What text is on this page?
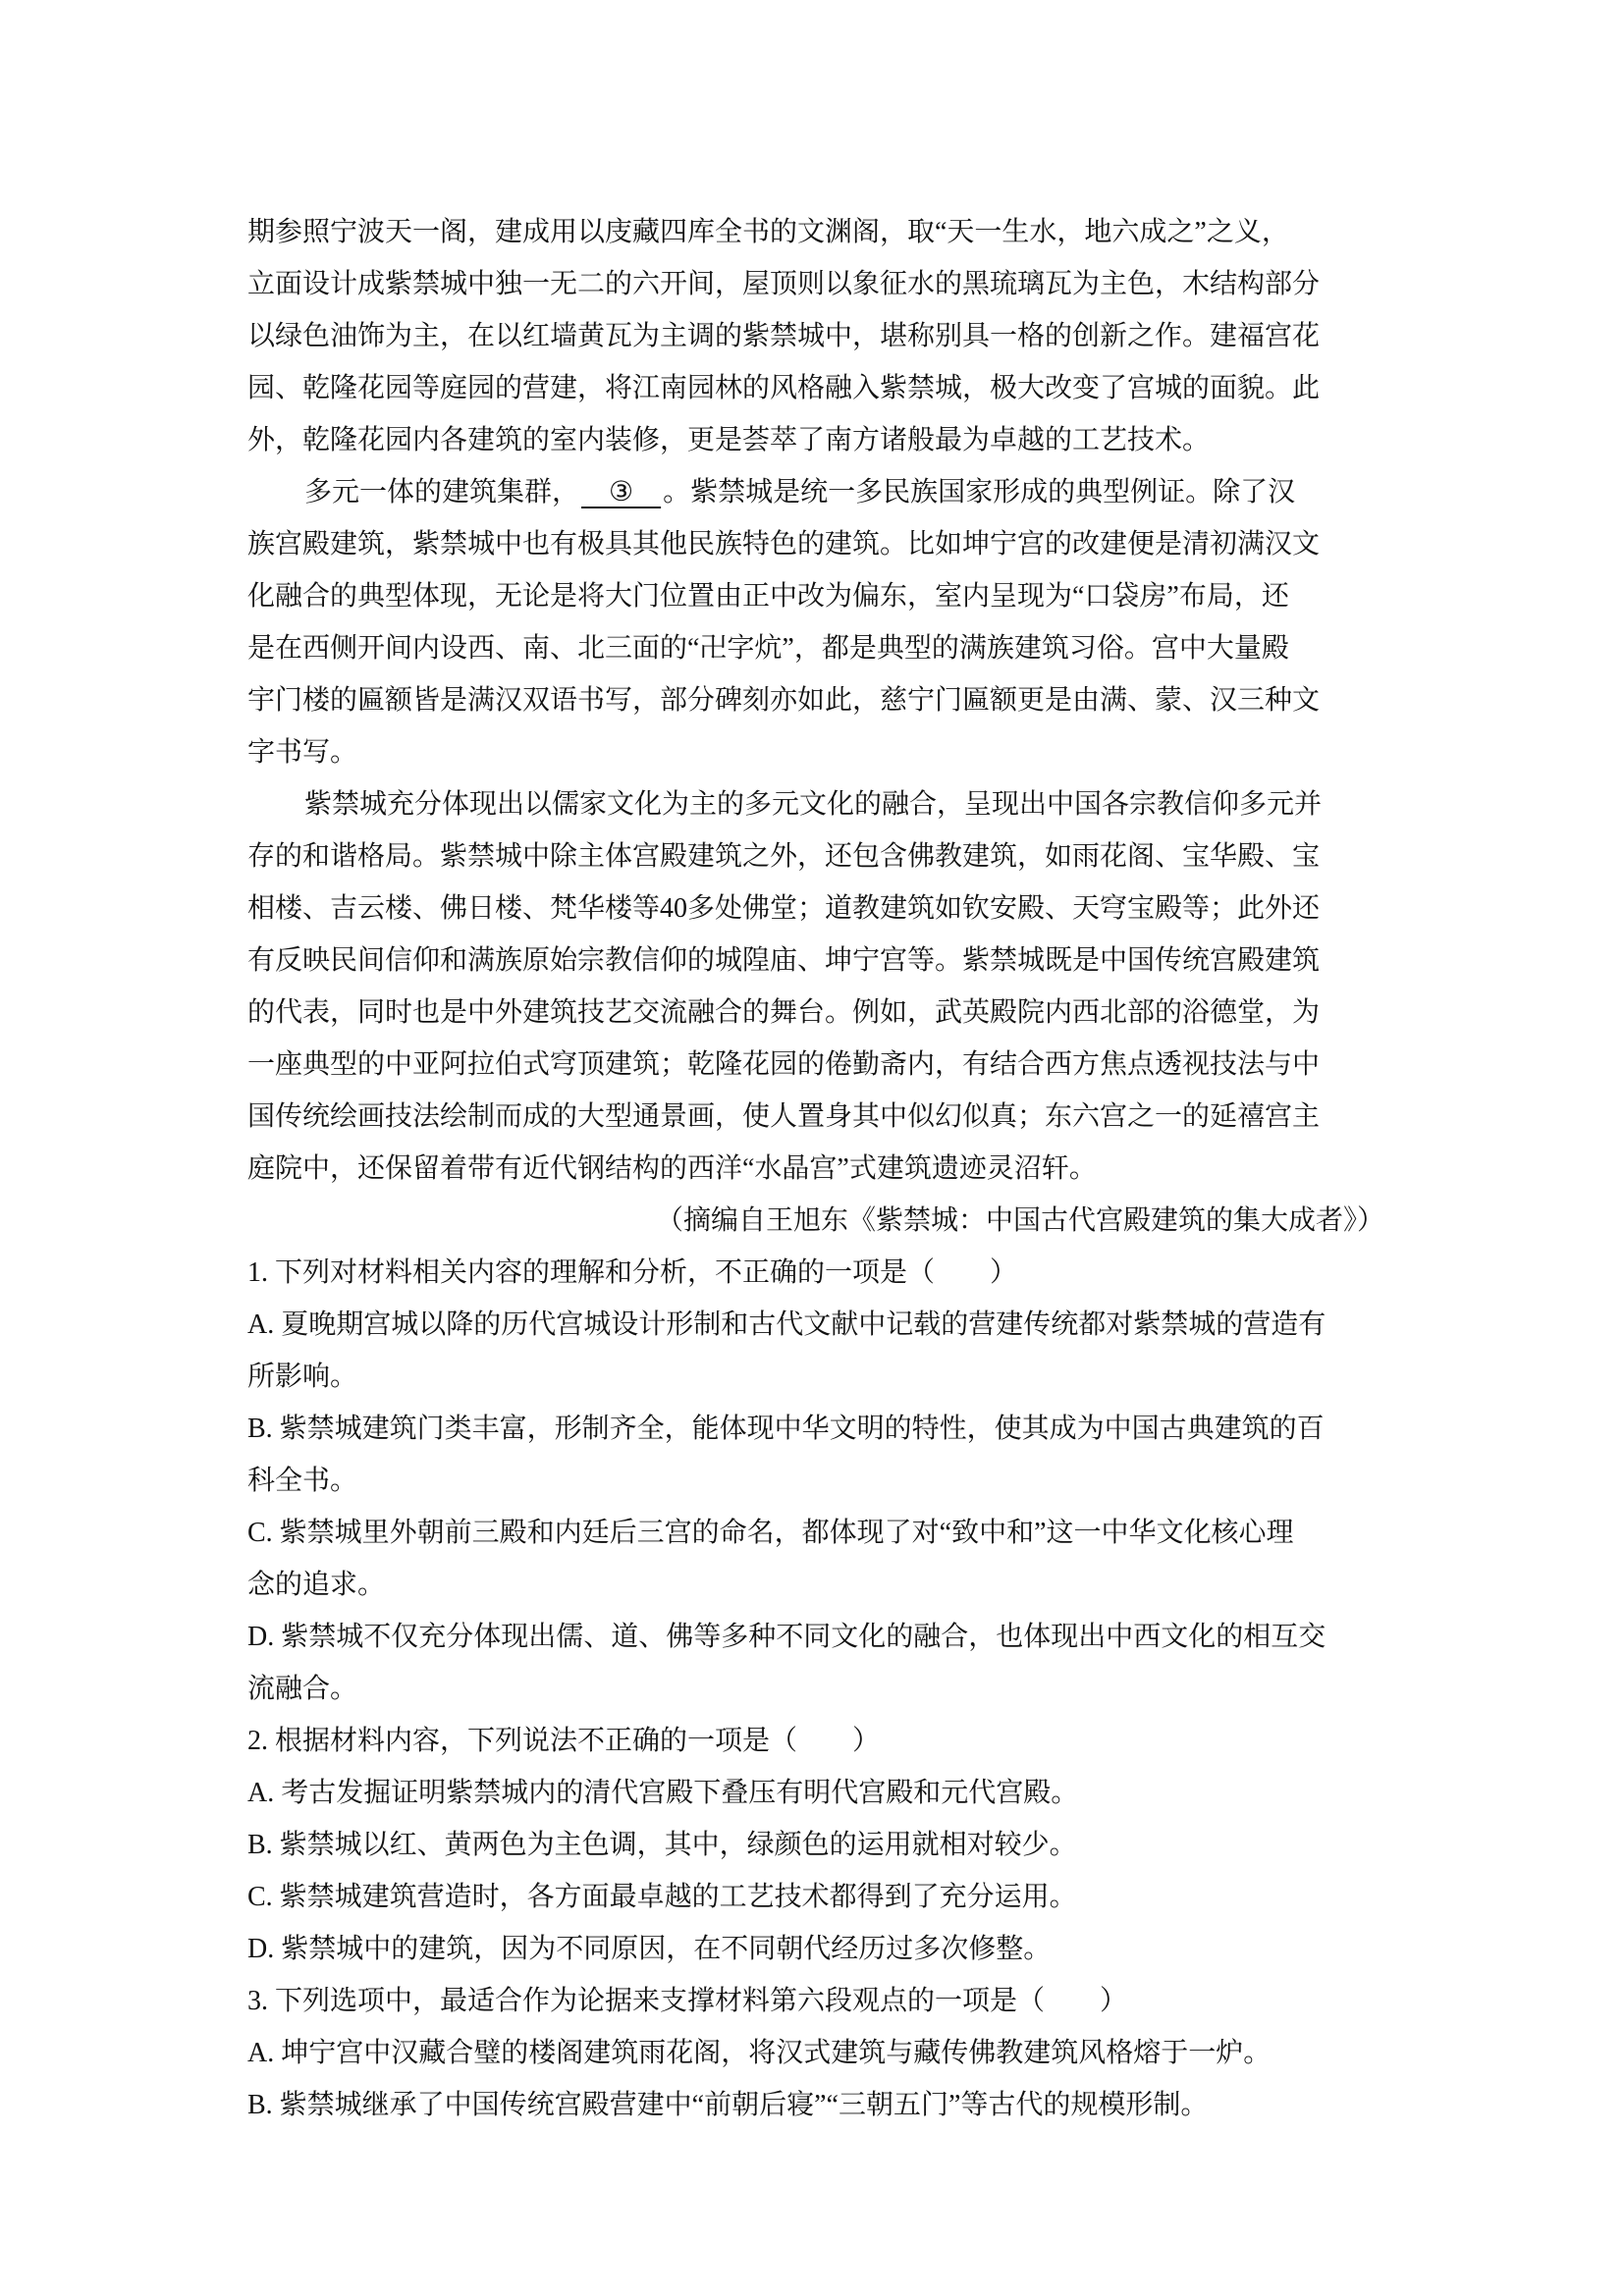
期参照宁波天一阁，建成用以庋藏四库全书的文渊阁，取“天一生水，地六成之”之义，
立面设计成紫禁城中独一无二的六开间，屋顶则以象征水的黑琉璃瓦为主色，木结构部分
以绿色油饰为主，在以红墙黄瓦为主调的紫禁城中，堪称别具一格的创新之作。建福宫花
园、乾隆花园等庭园的营建，将江南园林的风格融入紫禁城，极大改变了宫城的面貌。此
外，乾隆花园内各建筑的室内装修，更是荟萃了南方诸般最为卓越的工艺技术。
多元一体的建筑集群，    ③    。紫禁城是统一多民族国家形成的典型例证。除了汉
族宫殿建筑，紫禁城中也有极具其他民族特色的建筑。比如坤宁宫的改建便是清初满汉文
化融合的典型体现，无论是将大门位置由正中改为偏东，室内呈现为“口袋房”布局，还
是在西侧开间内设西、南、北三面的“卍字炕”，都是典型的满族建筑习俗。宫中大量殿
宇门楼的匾额皆是满汉双语书写，部分碑刻亦如此，慈宁门匾额更是由满、蒙、汉三种文
字书写。
紫禁城充分体现出以儒家文化为主的多元文化的融合，呈现出中国各宗教信仰多元并
存的和谐格局。紫禁城中除主体宫殿建筑之外，还包含佛教建筑，如雨花阁、宝华殿、宝
相楼、吉云楼、佛日楼、梵华楼等40多处佛堂；道教建筑如钦安殿、天穹宝殿等；此外还
有反映民间信仰和满族原始宗教信仰的城隍庙、坤宁宫等。紫禁城既是中国传统宫殿建筑
的代表，同时也是中外建筑技艺交流融合的舞台。例如，武英殿院内西北部的浴德堂，为
一座典型的中亚阿拉伯式穹顶建筑；乾隆花园的倦勤斋内，有结合西方焦点透视技法与中
国传统绘画技法绘制而成的大型通景画，使人置身其中似幻似真；东六宫之一的延禧宫主
庭院中，还保留着带有近代钢结构的西洋“水晶宫”式建筑遗迹灵沼轩。
（摘编自王旭东《紫禁城：中国古代宫殿建筑的集大成者》）
1. 下列对材料相关内容的理解和分析，不正确的一项是（　　）
A. 夏晚期宫城以降的历代宫城设计形制和古代文献中记载的营建传统都对紫禁城的营造有
所影响。
B. 紫禁城建筑门类丰富，形制齐全，能体现中华文明的特性，使其成为中国古典建筑的百
科全书。
C. 紫禁城里外朝前三殿和内廷后三宫的命名，都体现了对“致中和”这一中华文化核心理
念的追求。
D. 紫禁城不仅充分体现出儒、道、佛等多种不同文化的融合，也体现出中西文化的相互交
流融合。
2. 根据材料内容，下列说法不正确的一项是（　　）
A. 考古发掘证明紫禁城内的清代宫殿下叠压有明代宫殿和元代宫殿。
B. 紫禁城以红、黄两色为主色调，其中，绿颜色的运用就相对较少。
C. 紫禁城建筑营造时，各方面最卓越的工艺技术都得到了充分运用。
D. 紫禁城中的建筑，因为不同原因，在不同朝代经历过多次修整。
3. 下列选项中，最适合作为论据来支撑材料第六段观点的一项是（　　）
A. 坤宁宫中汉藏合璧的楼阁建筑雨花阁，将汉式建筑与藏传佛教建筑风格熔于一炉。
B. 紫禁城继承了中国传统宫殿营建中“前朝后寝”“三朝五门”等古代的规模形制。
